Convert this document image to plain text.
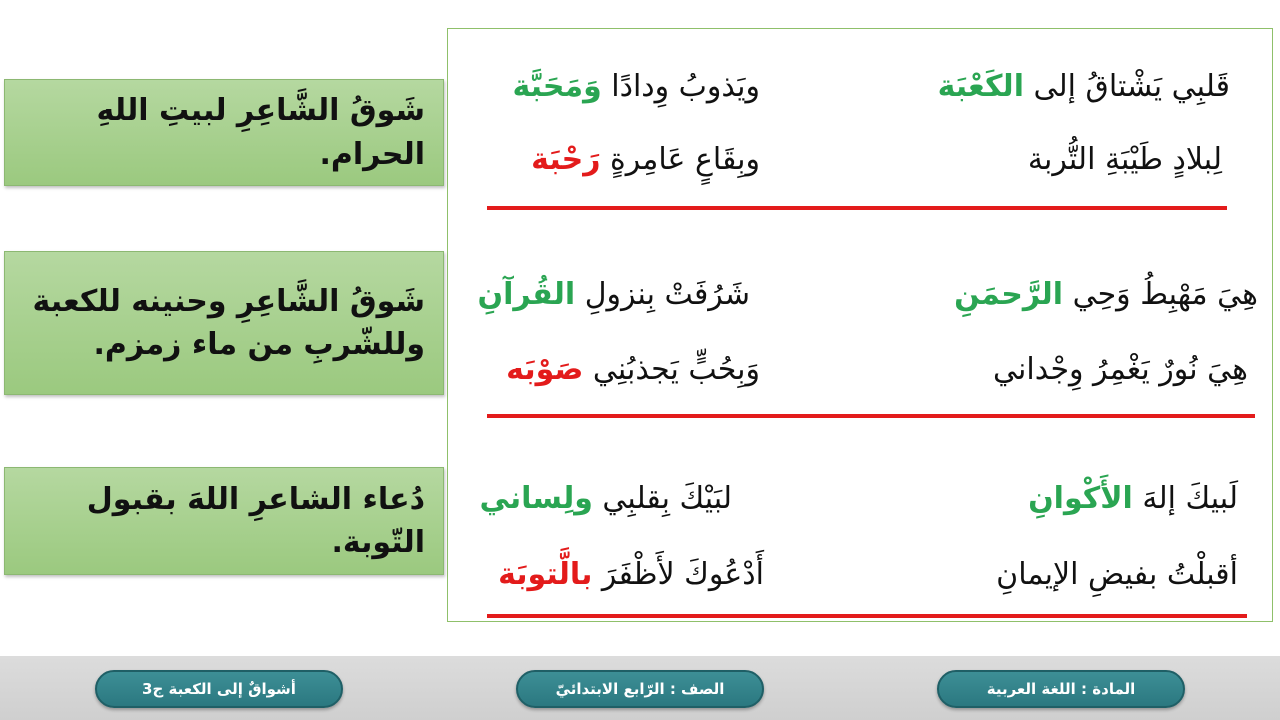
قَلبِي يَشْتاقُ إلى الكَعْبَة
ويَذوبُ وِدادًا وَمَحَبَّة
لِبلادٍ طَيْبَةِ التُّربة
وبِقَاعٍ عَامِرةٍ رَحْبَة
هِيَ مَهْبِطُ وَحِي الرَّحمَنِ
شَرُفَتْ بِنزولِ القُرآنِ
هِيَ نُورٌ يَغْمِرُ وِجْداني
وَبِحُبٍّ يَجذبُنِي صَوْبَه
لَبيكَ إلهَ الأَكْوانِ
لبَيْكَ بِقلبِي ولِساني
أقبلْتُ بفيضِ الإيمانِ
أَدْعُوكَ لأَظْفَرَ بالَّتوبَة
شَوقُ الشَّاعِرِ لبيتِ اللهِ الحرام.
شَوقُ الشَّاعِرِ وحنينه للكعبة وللشّربِ من ماء زمزم.
دُعاء الشاعرِ اللهَ بقبول التّوبة.
أشواقٌ إلى الكعبة ج3	الصف : الرّابع الابتدائيّ	المادة : اللغة العربية
